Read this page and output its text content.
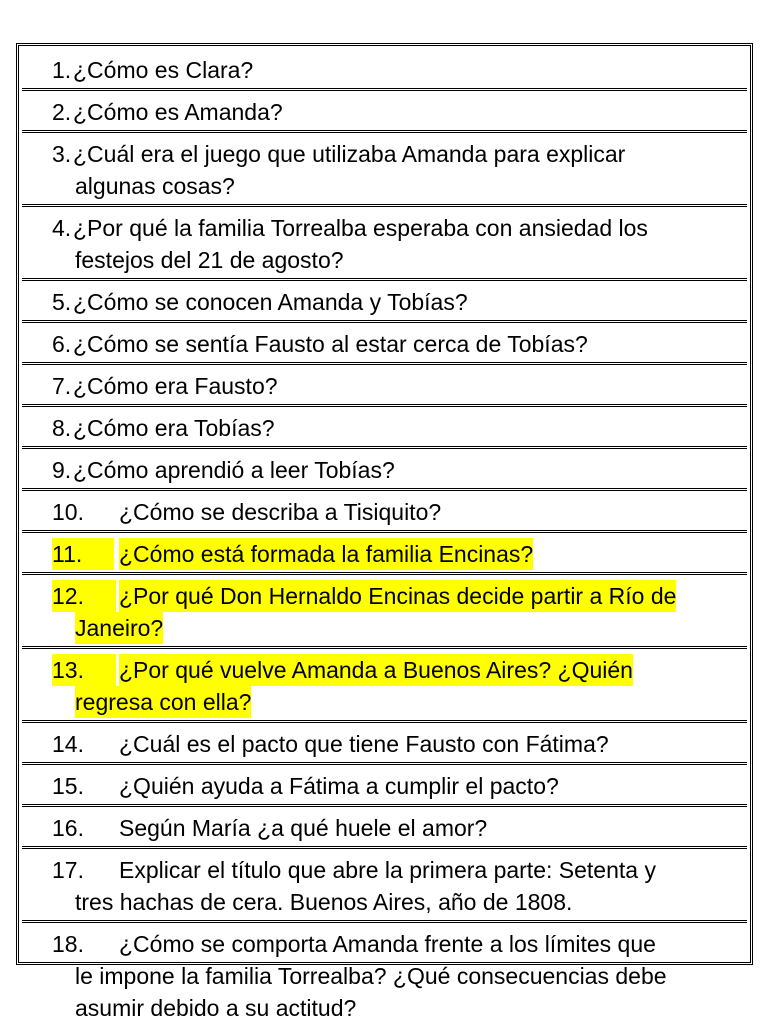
1. ¿Cómo es Clara?
2. ¿Cómo es Amanda?
3. ¿Cuál era el juego que utilizaba Amanda para explicar
algunas cosas?
4. ¿Por qué la familia Torrealba esperaba con ansiedad los
festejos del 21 de agosto?
5. ¿Cómo se conocen Amanda y Tobías?
6. ¿Cómo se sentía Fausto al estar cerca de Tobías?
7. ¿Cómo era Fausto?
8. ¿Cómo era Tobías?
9. ¿Cómo aprendió a leer Tobías?
10. ¿Cómo se describa a Tisiquito?
11.	¿Cómo está formada la familia Encinas?
12.	¿Por qué Don Hernaldo Encinas decide partir a Río de
Janeiro?
13.	¿Por qué vuelve Amanda a Buenos Aires? ¿Quién
regresa con ella?
14. ¿Cuál es el pacto que tiene Fausto con Fátima?
15. ¿Quién ayuda a Fátima a cumplir el pacto?
16. Según María ¿a qué huele el amor?
17. Explicar el título que abre la primera parte: Setenta y
tres hachas de cera. Buenos Aires, año de 1808.
18. ¿Cómo se comporta Amanda frente a los límites que
le impone la familia Torrealba? ¿Qué consecuencias debe
asumir debido a su actitud?
